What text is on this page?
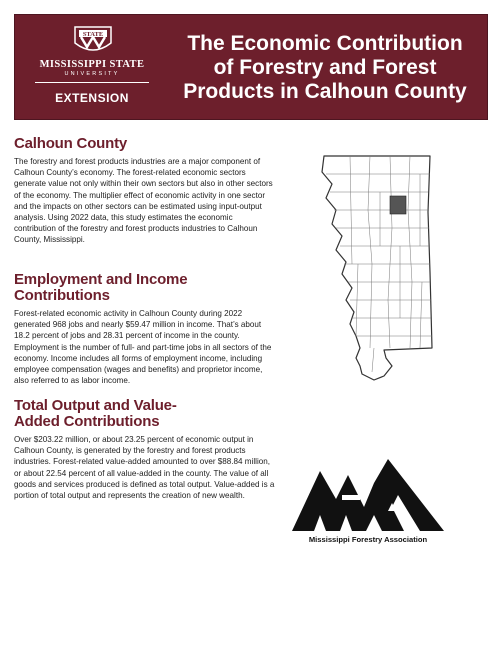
STATE
MISSISSIPPI STATE
UNIVERSITY
EXTENSION
The Economic Contribution
of Forestry and Forest
Products in Calhoun County
Calhoun County

The forestry and forest products industries are a major component of Calhoun County’s economy. The forest-related economic sectors generate value not only within their own sectors but also in other sectors of the economy. The multiplier effect of economic activity in one sector and the impacts on other sectors can be estimated using input-output analysis. Using 2022 data, this study estimates the economic contribution of the forestry and forest products industries to Calhoun County, Mississippi.

Employment and Income Contributions

Forest-related economic activity in Calhoun County during 2022 generated 968 jobs and nearly $59.47 million in income. That’s about 18.2 percent of jobs and 28.31 percent of income in the county. Employment is the number of full- and part-time jobs in all sectors of the economy. Income includes all forms of employment income, including employee compensation (wages and benefits) and proprietor income, also referred to as labor income.

Total Output and Value-
Added Contributions

Over $203.22 million, or about 23.25 percent of economic output in Calhoun County, is generated by the forestry and forest products industries. Forest-related value-added amounted to over $88.84 million, or about 22.54 percent of all value-added in the county. The value of all goods and services produced is defined as total output. Value-added is a portion of total output and represents the creation of new wealth.

Mississippi Forestry Association
